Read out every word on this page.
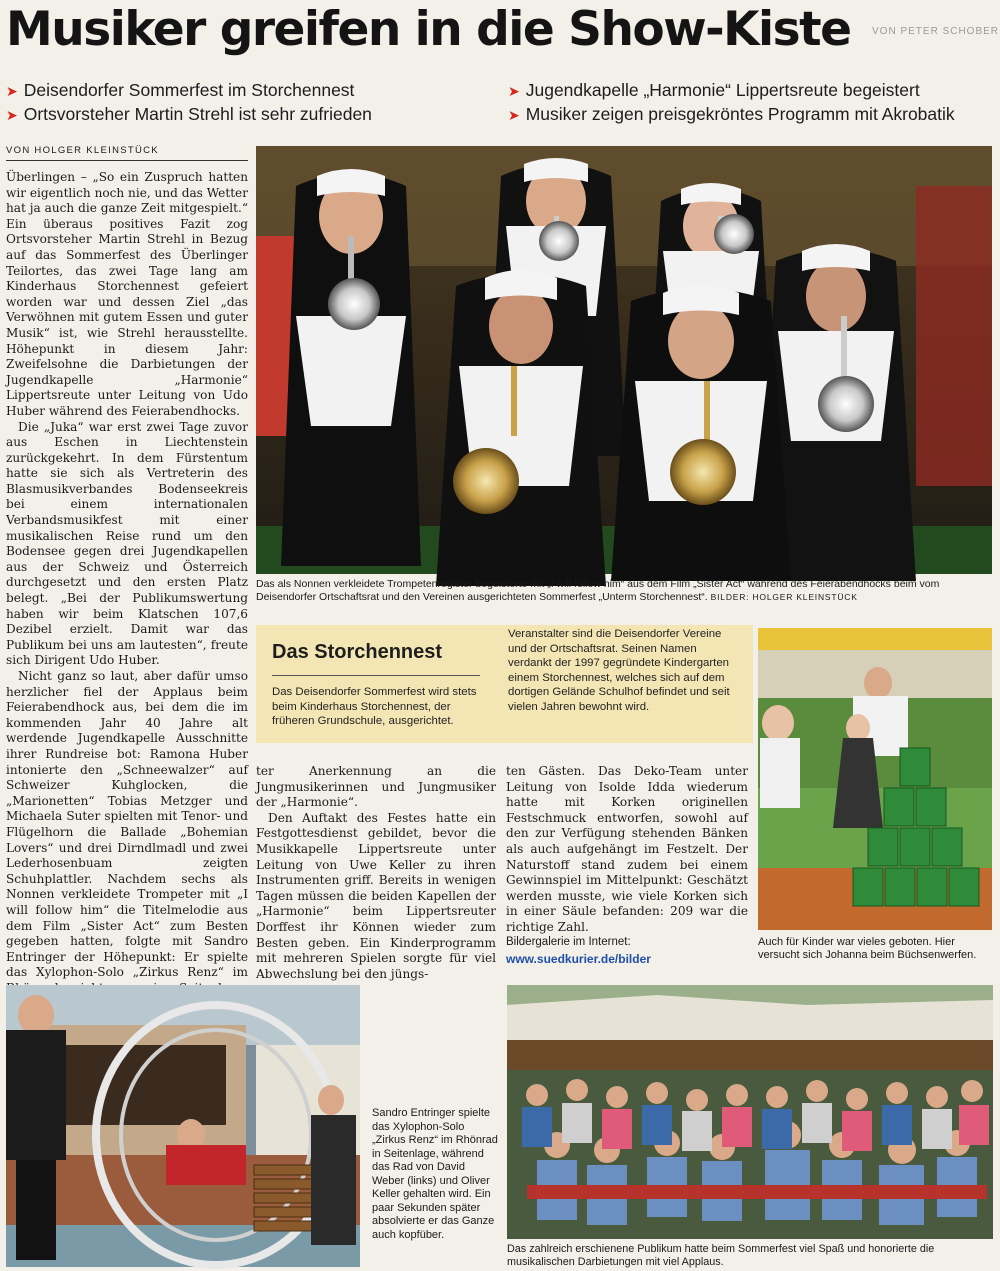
Musiker greifen in die Show-Kiste VON PETER SCHOBER
➤ Deisendorfer Sommerfest im Storchennest
➤ Ortsvorsteher Martin Strehl ist sehr zufrieden
➤ Jugendkapelle „Harmonie“ Lippertsreute begeistert
➤ Musiker zeigen preisgekröntes Programm mit Akrobatik
VON HOLGER KLEINSTÜCK

Überlingen – „So ein Zuspruch hatten wir eigentlich noch nie, und das Wetter hat ja auch die ganze Zeit mitgespielt.“ Ein überaus positives Fazit zog Ortsvorsteher Martin Strehl in Bezug auf das Sommerfest des Überlinger Teilortes, das zwei Tage lang am Kinderhaus Storchennest gefeiert worden war und dessen Ziel „das Verwöhnen mit gutem Essen und guter Musik“ ist, wie Strehl herausstellte. Höhepunkt in diesem Jahr: Zweifelsohne die Darbietungen der Jugendkapelle „Harmonie“ Lippertsreute unter Leitung von Udo Huber während des Feierabendhocks.

Die „Juka“ war erst zwei Tage zuvor aus Eschen in Liechtenstein zurückgekehrt. In dem Fürstentum hatte sie sich als Vertreterin des Blasmusikverbandes Bodenseekreis bei einem internationalen Verbandsmusikfest mit einer musikalischen Reise rund um den Bodensee gegen drei Jugendkapellen aus der Schweiz und Österreich durchgesetzt und den ersten Platz belegt. „Bei der Publikumswertung haben wir beim Klatschen 107,6 Dezibel erzielt. Damit war das Publikum bei uns am lautesten“, freute sich Dirigent Udo Huber.

Nicht ganz so laut, aber dafür umso herzlicher fiel der Applaus beim Feierabendhock aus, bei dem die im kommenden Jahr 40 Jahre alt werdende Jugendkapelle Ausschnitte ihrer Rundreise bot: Ramona Huber intonierte den „Schneewalzer“ auf Schweizer Kuhglocken, die „Marionetten“ Tobias Metzger und Michaela Suter spielten mit Tenor- und Flügelhorn die Ballade „Bohemian Lovers“ und drei Dirndlmadl und zwei Lederhosenbuam zeigten Schuhplattler. Nachdem sechs als Nonnen verkleidete Trompeter mit „I will follow him“ die Titelmelodie aus dem Film „Sister Act“ zum Besten gegeben hatten, folgte mit Sandro Entringer der Höhepunkt: Er spielte das Xylophon-Solo „Zirkus Renz“ im

Das als Nonnen verkleidete Trompetenregister begeisterte mit „I will follow him“ aus dem Film „Sister Act“ während des Feierabendhocks beim vom Deisendorfer Ortschaftsrat und den Vereinen ausgerichteten Sommerfest „Unterm Storchennest“. BILDER: HOLGER KLEINSTÜCK
Das Storchennest
Das Deisendorfer Sommerfest wird stets beim Kinderhaus Storchennest, der früheren Grundschule, ausgerichtet.
Veranstalter sind die Deisendorfer Vereine und der Ortschaftsrat. Seinen Namen verdankt der 1997 gegründete Kindergarten einem Storchennest, welches sich auf dem dortigen Gelände Schulhof befindet und seit vielen Jahren bewohnt wird.

ter Anerkennung an die Jungmusikerinnen und Jungmusiker der „Harmonie“.

Den Auftakt des Festes hatte ein Festgottesdienst gebildet, bevor die Musikkapelle Lippertsreute unter Leitung von Uwe Keller zu ihren Instrumenten griff. Bereits in wenigen Tagen müssen die beiden Kapellen der „Harmonie“ beim Lippertsreuter Dorffest ihr Können wieder zum Besten geben. Ein Kinderprogramm mit mehreren Spielen sorgte für viel Abwechslung bei den jüngs-

ten Gästen. Das Deko-Team unter Leitung von Isolde Idda wiederum hatte mit Korken originellen Festschmuck entworfen, sowohl auf den zur Verfügung stehenden Bänken als auch aufgehängt im Festzelt. Der Naturstoff stand zudem bei einem Gewinnspiel im Mittelpunkt: Geschätzt werden musste, wie viele Korken sich in einer Säule befanden: 209 war die richtige Zahl.

Bildergalerie im Internet:
www.suedkurier.de/bilder
Auch für Kinder war vieles geboten. Hier versucht sich Johanna beim Büchsenwerfen.
Sandro Entringer spielte das Xylophon-Solo „Zirkus Renz“ im Rhönrad in Seitenlage, während das Rad von David Weber (links) und Oliver Keller gehalten wird. Ein paar Sekunden später absolvierte er das Ganze auch kopfüber.
Das zahlreich erschienene Publikum hatte beim Sommerfest viel Spaß und honorierte die musikalischen Darbietungen mit viel Applaus.
